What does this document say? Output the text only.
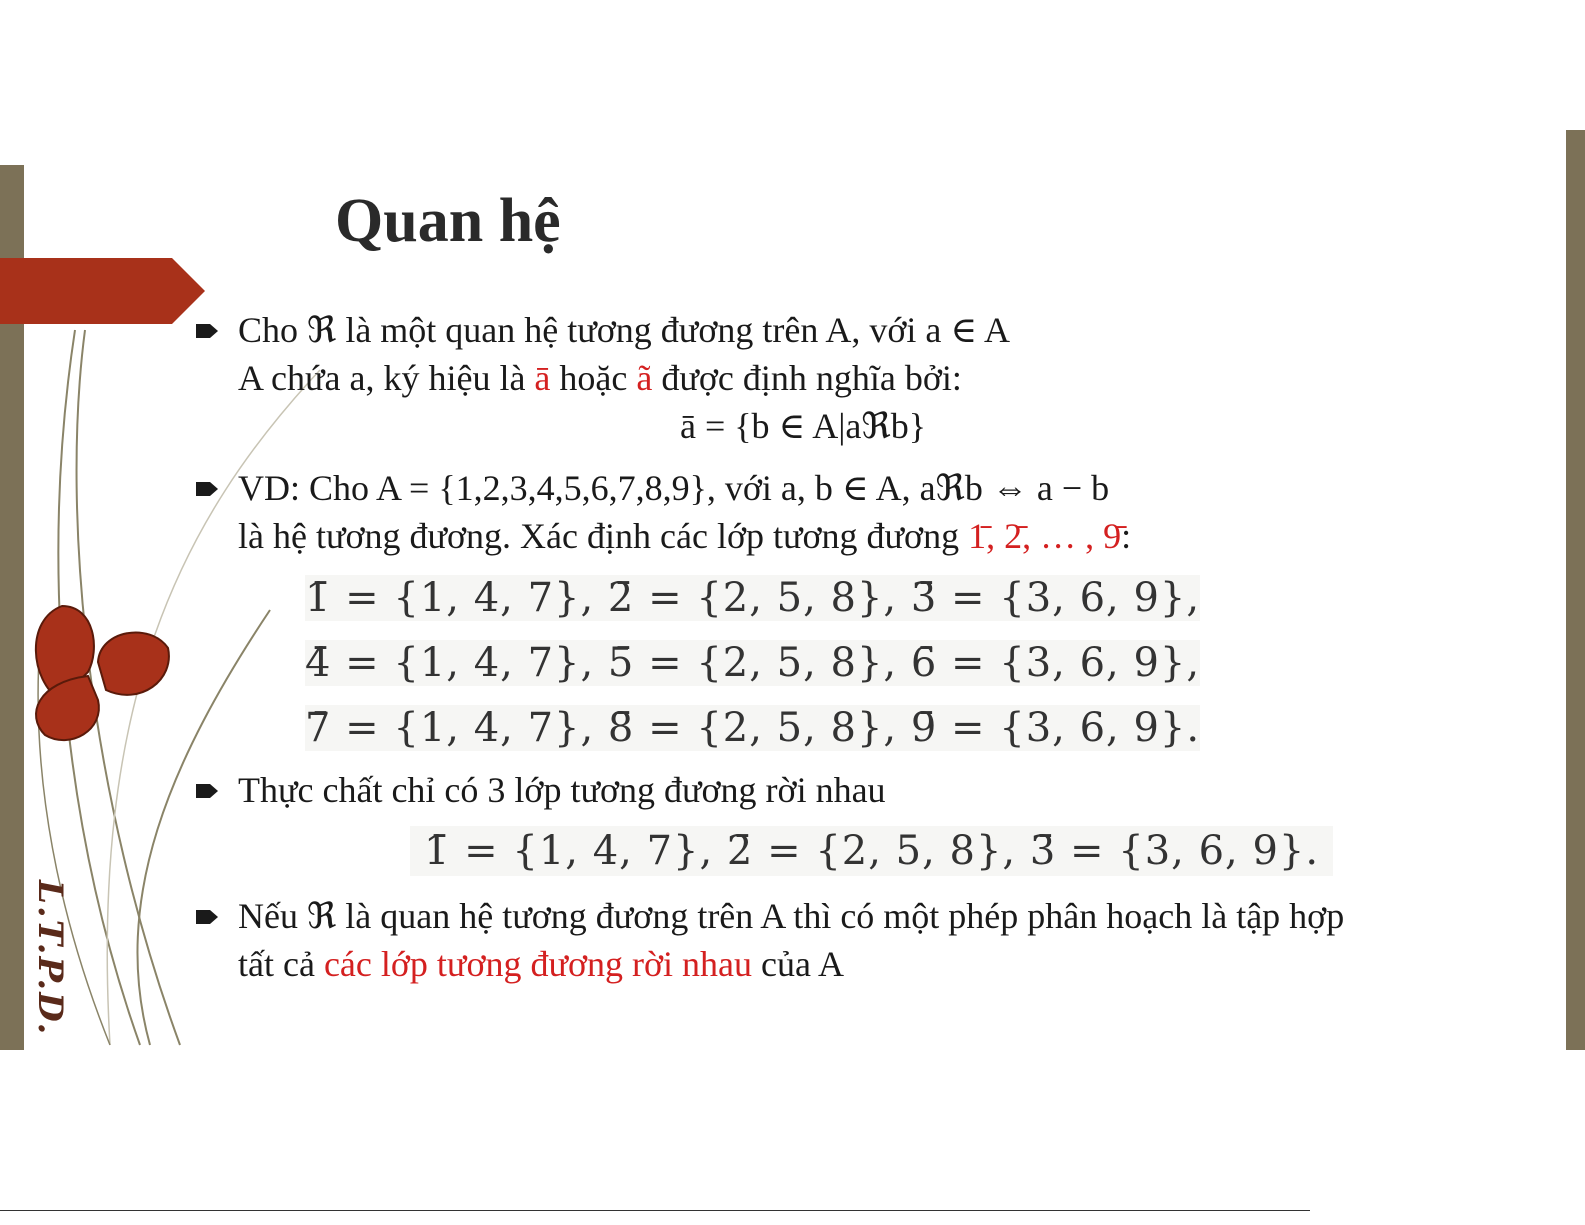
L.T.P.D.
Quan hệ
Cho ℜ là một quan hệ tương đương trên A, với a ∈ A
A chứa a, ký hiệu là ā hoặc ã được định nghĩa bởi:
ā = {b ∈ A|aℜb}
VD: Cho A = {1,2,3,4,5,6,7,8,9}, với a, b ∈ A, aℜb ⇔ a − b
là hệ tương đương. Xác định các lớp tương đương 1̄, 2̄, … , 9̄:
1̄ = {1, 4, 7}, 2̄ = {2, 5, 8}, 3̄ = {3, 6, 9},
4̄ = {1, 4, 7}, 5̄ = {2, 5, 8}, 6̄ = {3, 6, 9},
7̄ = {1, 4, 7}, 8̄ = {2, 5, 8}, 9̄ = {3, 6, 9}.
Thực chất chỉ có 3 lớp tương đương rời nhau
1̄ = {1, 4, 7}, 2̄ = {2, 5, 8}, 3̄ = {3, 6, 9}.
Nếu ℜ là quan hệ tương đương trên A thì có một phép phân hoạch là tập hợp
tất cả các lớp tương đương rời nhau của A
